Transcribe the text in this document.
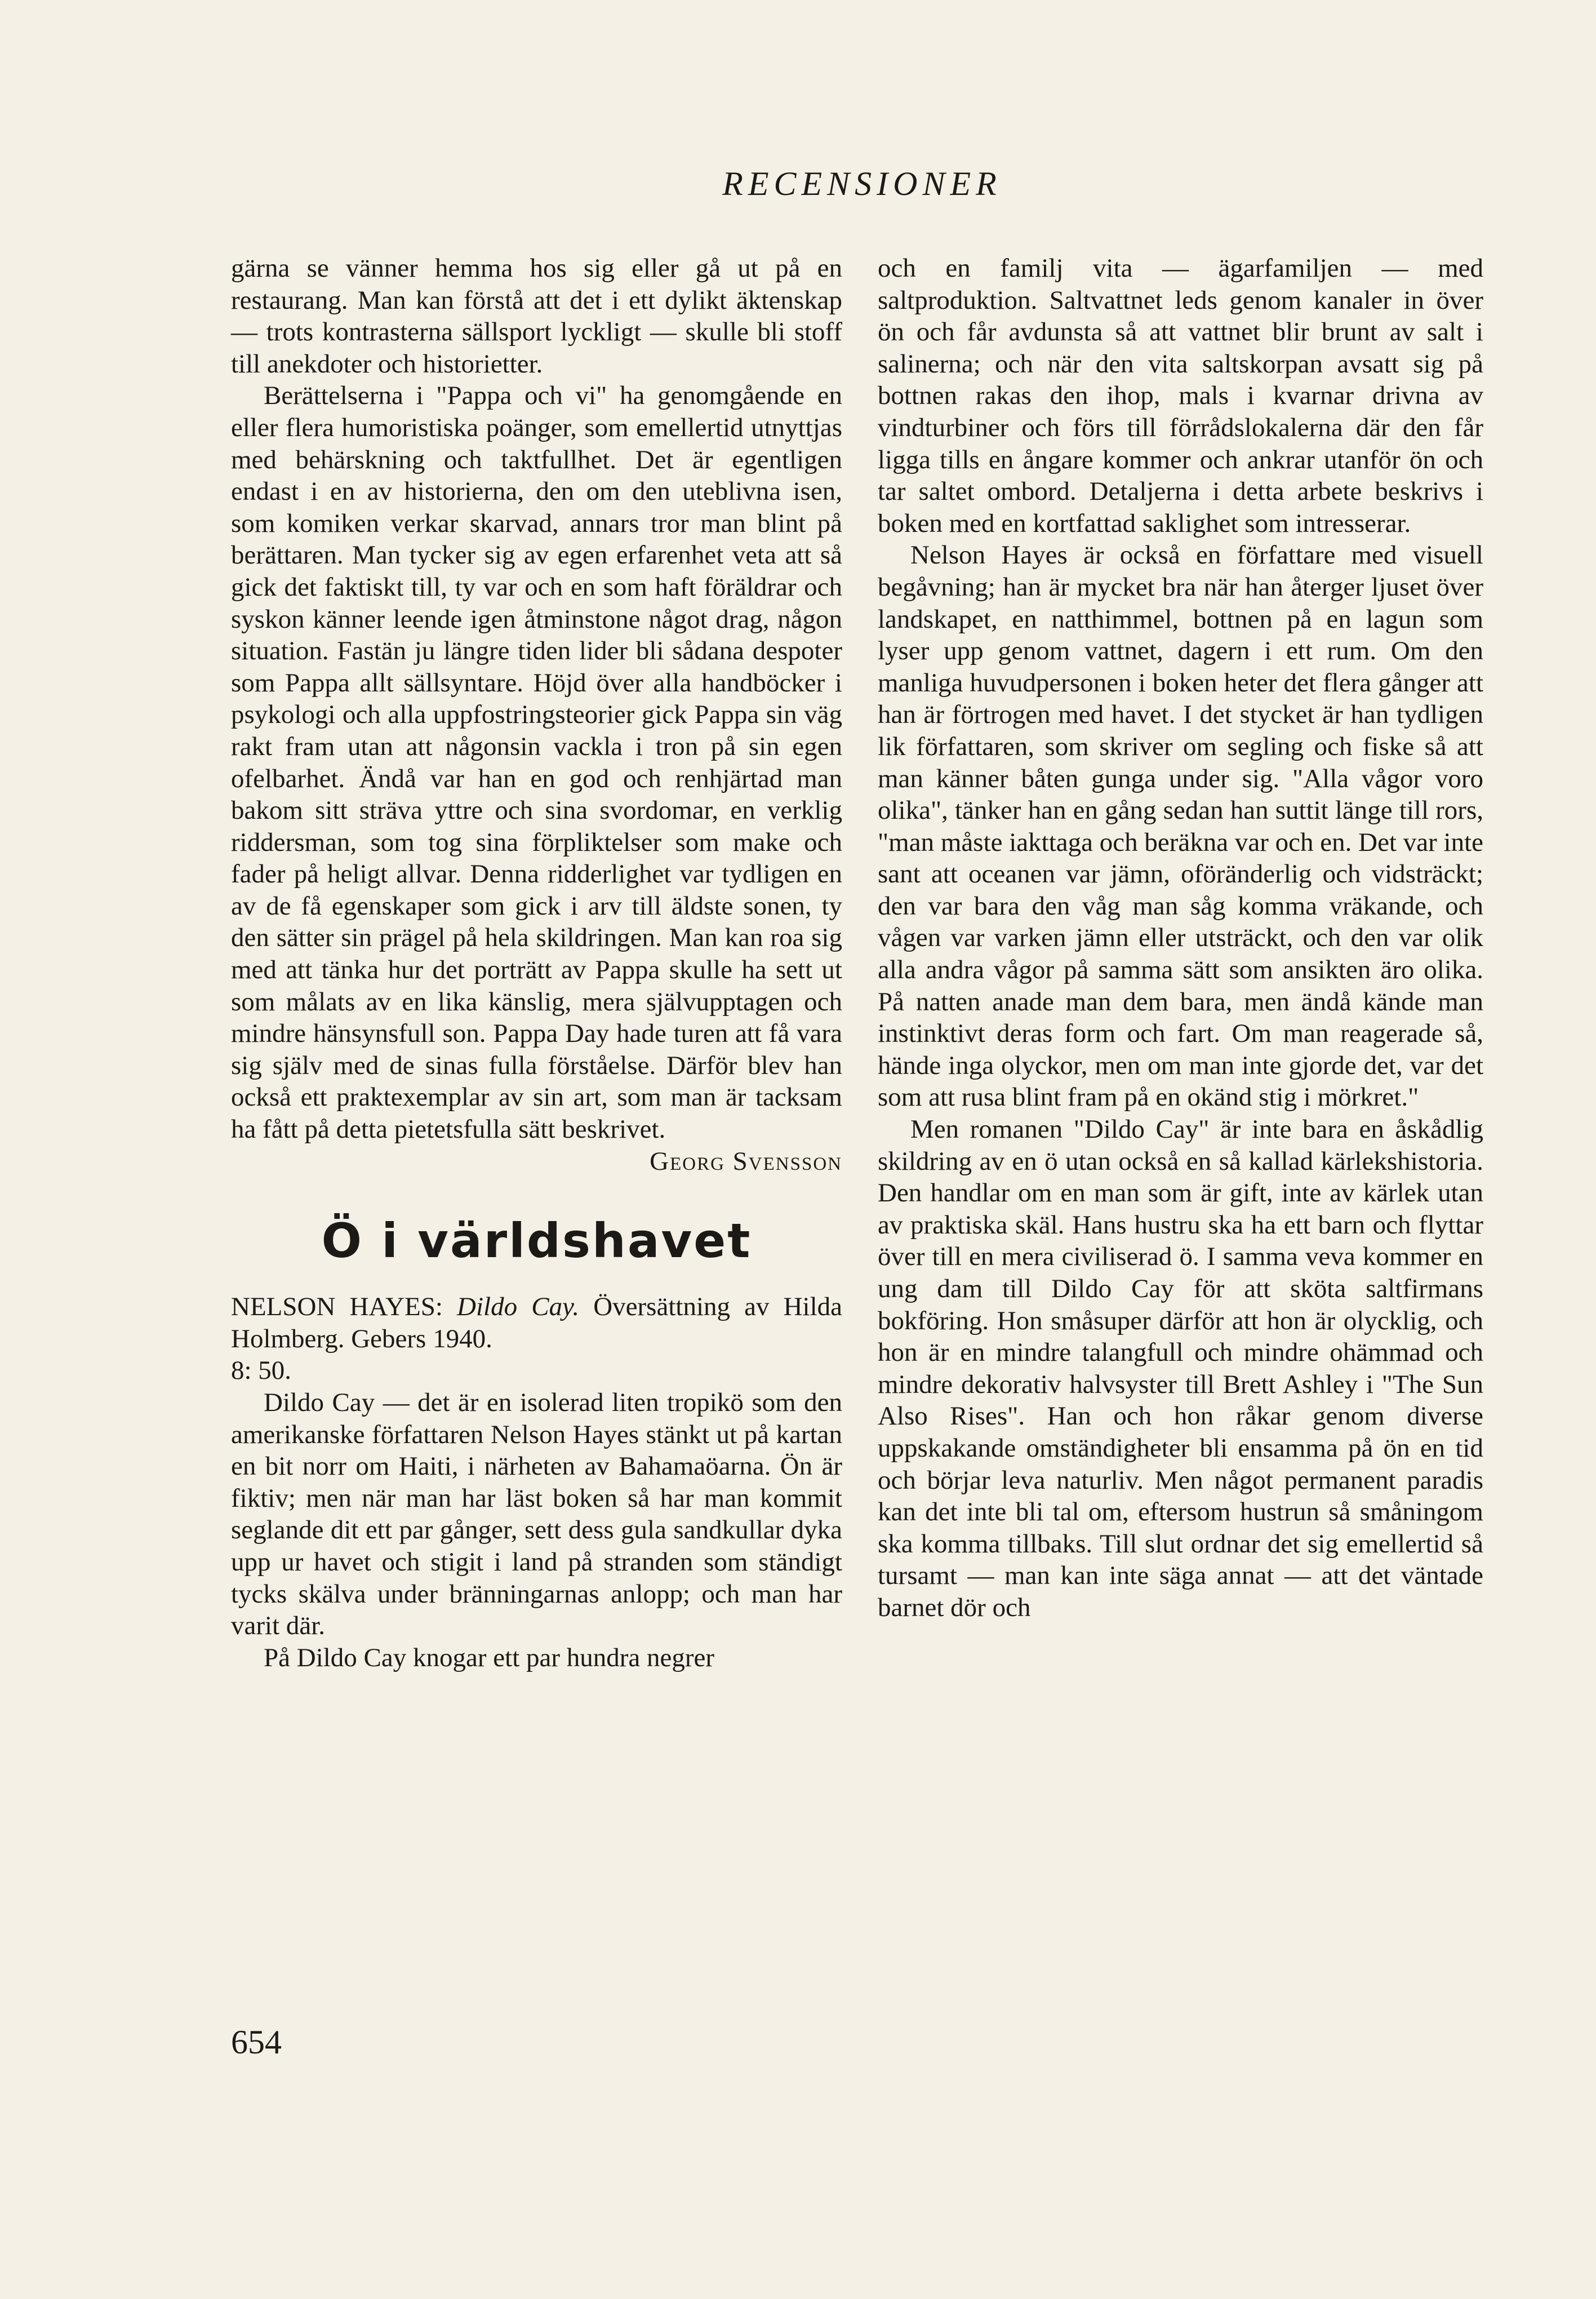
RECENSIONER

gärna se vänner hemma hos sig eller gå ut på en restaurang. Man kan förstå att det i ett dylikt äktenskap — trots kontrasterna sällsport lyckligt — skulle bli stoff till anekdoter och historietter.

Berättelserna i "Pappa och vi" ha genomgående en eller flera humoristiska poänger, som emellertid utnyttjas med behärskning och taktfullhet. Det är egentligen endast i en av historierna, den om den uteblivna isen, som komiken verkar skarvad, annars tror man blint på berättaren. Man tycker sig av egen erfarenhet veta att så gick det faktiskt till, ty var och en som haft föräldrar och syskon känner leende igen åtminstone något drag, någon situation. Fastän ju längre tiden lider bli sådana despoter som Pappa allt sällsyntare. Höjd över alla handböcker i psykologi och alla uppfostringsteorier gick Pappa sin väg rakt fram utan att någonsin vackla i tron på sin egen ofelbarhet. Ändå var han en god och renhjärtad man bakom sitt sträva yttre och sina svordomar, en verklig riddersman, som tog sina förpliktelser som make och fader på heligt allvar. Denna ridderlighet var tydligen en av de få egenskaper som gick i arv till äldste sonen, ty den sätter sin prägel på hela skildringen. Man kan roa sig med att tänka hur det porträtt av Pappa skulle ha sett ut som målats av en lika känslig, mera självupptagen och mindre hänsynsfull son. Pappa Day hade turen att få vara sig själv med de sinas fulla förståelse. Därför blev han också ett praktexemplar av sin art, som man är tacksam ha fått på detta pietetsfulla sätt beskrivet.

Georg Svensson
Ö i världshavet

NELSON HAYES: Dildo Cay. Översättning av Hilda Holmberg. Gebers 1940.
8: 50.

Dildo Cay — det är en isolerad liten tropikö som den amerikanske författaren Nelson Hayes stänkt ut på kartan en bit norr om Haiti, i närheten av Bahamaöarna. Ön är fiktiv; men när man har läst boken så har man kommit seglande dit ett par gånger, sett dess gula sandkullar dyka upp ur havet och stigit i land på stranden som ständigt tycks skälva under bränningarnas anlopp; och man har varit där.

På Dildo Cay knogar ett par hundra negrer

och en familj vita — ägarfamiljen — med saltproduktion. Saltvattnet leds genom kanaler in över ön och får avdunsta så att vattnet blir brunt av salt i salinerna; och när den vita saltskorpan avsatt sig på bottnen rakas den ihop, mals i kvarnar drivna av vindturbiner och förs till förrådslokalerna där den får ligga tills en ångare kommer och ankrar utanför ön och tar saltet ombord. Detaljerna i detta arbete beskrivs i boken med en kortfattad saklighet som intresserar.

Nelson Hayes är också en författare med visuell begåvning; han är mycket bra när han återger ljuset över landskapet, en natthimmel, bottnen på en lagun som lyser upp genom vattnet, dagern i ett rum. Om den manliga huvudpersonen i boken heter det flera gånger att han är förtrogen med havet. I det stycket är han tydligen lik författaren, som skriver om segling och fiske så att man känner båten gunga under sig. "Alla vågor voro olika", tänker han en gång sedan han suttit länge till rors, "man måste iakttaga och beräkna var och en. Det var inte sant att oceanen var jämn, oföränderlig och vidsträckt; den var bara den våg man såg komma vräkande, och vågen var varken jämn eller utsträckt, och den var olik alla andra vågor på samma sätt som ansikten äro olika. På natten anade man dem bara, men ändå kände man instinktivt deras form och fart. Om man reagerade så, hände inga olyckor, men om man inte gjorde det, var det som att rusa blint fram på en okänd stig i mörkret."

Men romanen "Dildo Cay" är inte bara en åskådlig skildring av en ö utan också en så kallad kärlekshistoria. Den handlar om en man som är gift, inte av kärlek utan av praktiska skäl. Hans hustru ska ha ett barn och flyttar över till en mera civiliserad ö. I samma veva kommer en ung dam till Dildo Cay för att sköta saltfirmans bokföring. Hon småsuper därför att hon är olycklig, och hon är en mindre talangfull och mindre ohämmad och mindre dekorativ halvsyster till Brett Ashley i "The Sun Also Rises". Han och hon råkar genom diverse uppskakande omständigheter bli ensamma på ön en tid och börjar leva naturliv. Men något permanent paradis kan det inte bli tal om, eftersom hustrun så småningom ska komma tillbaks. Till slut ordnar det sig emellertid så tursamt — man kan inte säga annat — att det väntade barnet dör och

654
